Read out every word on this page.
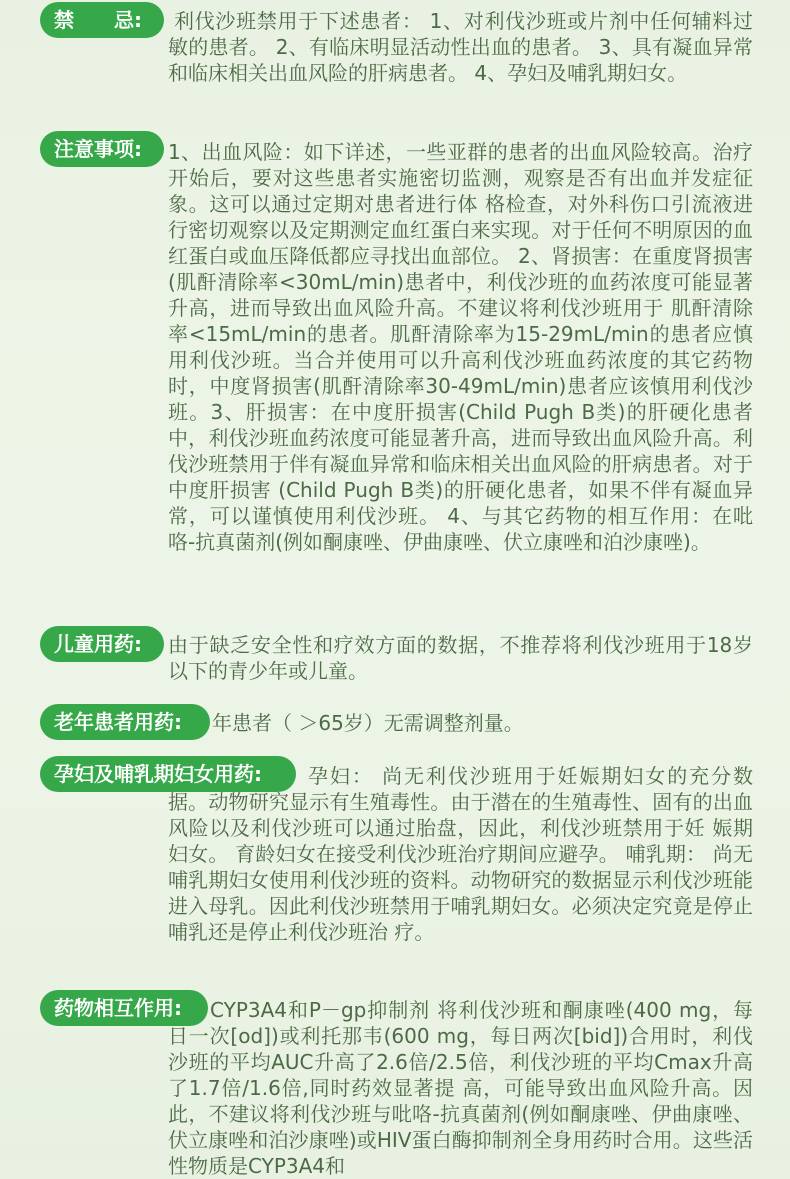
禁　　忌:	利伐沙班禁用于下述患者： 1、对利伐沙班或片剂中任何辅料过敏的患者。 2、有临床明显活动性出血的患者。 3、具有凝血异常和临床相关出血风险的肝病患者。 4、孕妇及哺乳期妇女。
注意事项:	1、出血风险：如下详述，一些亚群的患者的出血风险较高。治疗开始后，要对这些患者实施密切监测，观察是否有出血并发症征象。这可以通过定期对患者进行体 格检查，对外科伤口引流液进行密切观察以及定期测定血红蛋白来实现。对于任何不明原因的血红蛋白或血压降低都应寻找出血部位。 2、肾损害：在重度肾损害(肌酐清除率<30mL/min)患者中，利伐沙班的血药浓度可能显著升高，进而导致出血风险升高。不建议将利伐沙班用于 肌酐清除率<15mL/min的患者。肌酐清除率为15-29mL/min的患者应慎用利伐沙班。当合并使用可以升高利伐沙班血药浓度的其它药物 时，中度肾损害(肌酐清除率30-49mL/min)患者应该慎用利伐沙班。3、肝损害：在中度肝损害(Child Pugh B类)的肝硬化患者中，利伐沙班血药浓度可能显著升高，进而导致出血风险升高。利伐沙班禁用于伴有凝血异常和临床相关出血风险的肝病患者。对于中度肝损害 (Child Pugh B类)的肝硬化患者，如果不伴有凝血异常，可以谨慎使用利伐沙班。 4、与其它药物的相互作用：在吡咯-抗真菌剂(例如酮康唑、伊曲康唑、伏立康唑和泊沙康唑)。
儿童用药:	由于缺乏安全性和疗效方面的数据，不推荐将利伐沙班用于18岁以下的青少年或儿童。
老年患者用药:	年患者（ ＞65岁）无需调整剂量。
孕妇及哺乳期妇女用药:	孕妇： 尚无利伐沙班用于妊娠期妇女的充分数据。动物研究显示有生殖毒性。由于潜在的生殖毒性、固有的出血风险以及利伐沙班可以通过胎盘，因此，利伐沙班禁用于妊 娠期妇女。 育龄妇女在接受利伐沙班治疗期间应避孕。 哺乳期： 尚无哺乳期妇女使用利伐沙班的资料。动物研究的数据显示利伐沙班能进入母乳。因此利伐沙班禁用于哺乳期妇女。必须决定究竟是停止哺乳还是停止利伐沙班治 疗。
药物相互作用:	CYP3A4和P－gp抑制剂 将利伐沙班和酮康唑(400 mg，每日一次[od])或利托那韦(600 mg，每日两次[bid])合用时，利伐沙班的平均AUC升高了2.6倍/2.5倍，利伐沙班的平均Cmax升高了1.7倍/1.6倍,同时药效显著提 高，可能导致出血风险升高。因此，不建议将利伐沙班与吡咯-抗真菌剂(例如酮康唑、伊曲康唑、伏立康唑和泊沙康唑)或HIV蛋白酶抑制剂全身用药时合用。这些活性物质是CYP3A4和
